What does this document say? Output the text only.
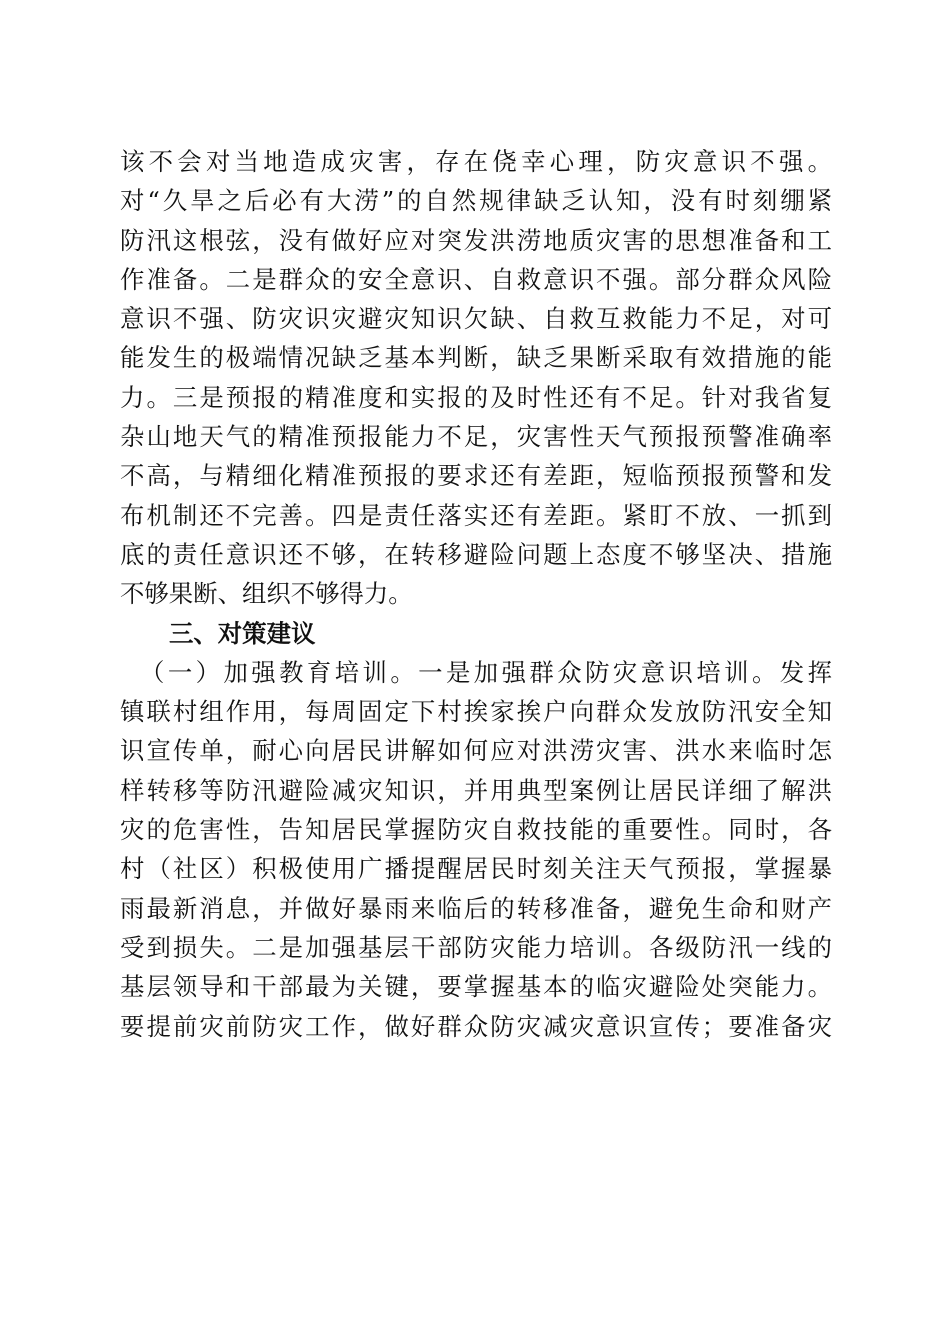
该不会对当地造成灾害，存在侥幸心理，防灾意识不强。
对“久旱之后必有大涝”的自然规律缺乏认知，没有时刻绷紧
防汛这根弦，没有做好应对突发洪涝地质灾害的思想准备和工
作准备。二是群众的安全意识、自救意识不强。部分群众风险
意识不强、防灾识灾避灾知识欠缺、自救互救能力不足，对可
能发生的极端情况缺乏基本判断，缺乏果断采取有效措施的能
力。三是预报的精准度和实报的及时性还有不足。针对我省复
杂山地天气的精准预报能力不足，灾害性天气预报预警准确率
不高，与精细化精准预报的要求还有差距，短临预报预警和发
布机制还不完善。四是责任落实还有差距。紧盯不放、一抓到
底的责任意识还不够，在转移避险问题上态度不够坚决、措施
不够果断、组织不够得力。
三、对策建议
（一）加强教育培训。一是加强群众防灾意识培训。发挥
镇联村组作用，每周固定下村挨家挨户向群众发放防汛安全知
识宣传单，耐心向居民讲解如何应对洪涝灾害、洪水来临时怎
样转移等防汛避险减灾知识，并用典型案例让居民详细了解洪
灾的危害性，告知居民掌握防灾自救技能的重要性。同时，各
村（社区）积极使用广播提醒居民时刻关注天气预报，掌握暴
雨最新消息，并做好暴雨来临后的转移准备，避免生命和财产
受到损失。二是加强基层干部防灾能力培训。各级防汛一线的
基层领导和干部最为关键，要掌握基本的临灾避险处突能力。
要提前灾前防灾工作，做好群众防灾减灾意识宣传；要准备灾
